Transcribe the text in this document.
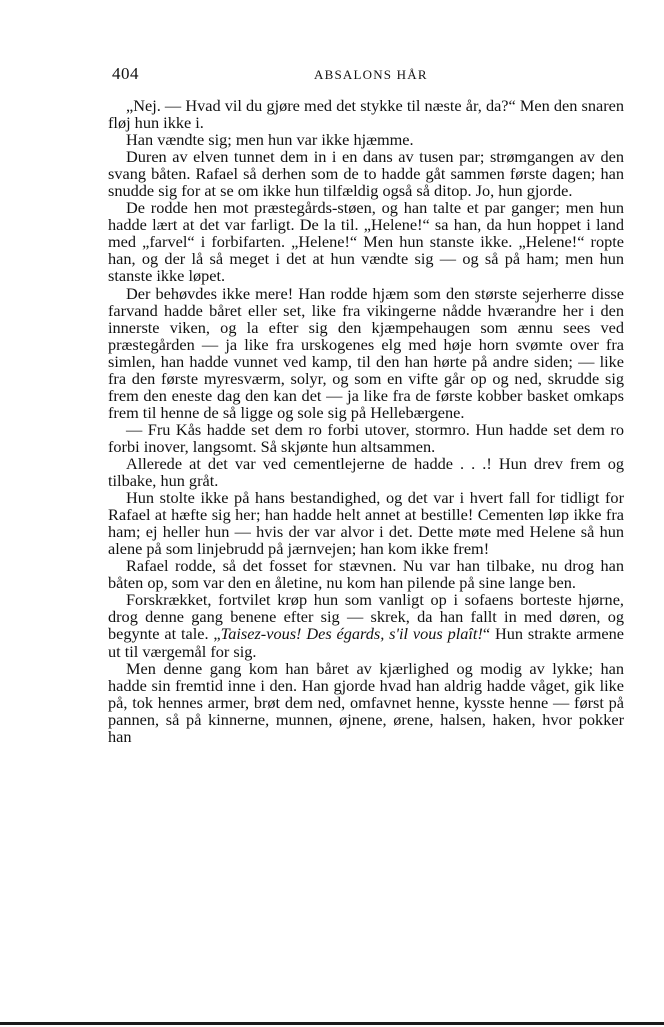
404	ABSALONS HÅR

„Nej. — Hvad vil du gjøre med det stykke til næste år, da?“ Men den snaren fløj hun ikke i.

Han vændte sig; men hun var ikke hjæmme.

Duren av elven tunnet dem in i en dans av tusen par; strømgangen av den svang båten. Rafael så derhen som de to hadde gåt sammen første dagen; han snudde sig for at se om ikke hun tilfældig også så ditop. Jo, hun gjorde.

De rodde hen mot præstegårds-støen, og han talte et par ganger; men hun hadde lært at det var farligt. De la til. „Helene!“ sa han, da hun hoppet i land med „farvel“ i forbifarten. „Helene!“ Men hun stanste ikke. „Helene!“ ropte han, og der lå så meget i det at hun vændte sig — og så på ham; men hun stanste ikke løpet.

Der behøvdes ikke mere! Han rodde hjæm som den største sejerherre disse farvand hadde båret eller set, like fra vikingerne nådde hværandre her i den innerste viken, og la efter sig den kjæmpehaugen som ænnu sees ved præstegården — ja like fra urskogenes elg med høje horn svømte over fra simlen, han hadde vunnet ved kamp, til den han hørte på andre siden; — like fra den første myresværm, solyr, og som en vifte går op og ned, skrudde sig frem den eneste dag den kan det — ja like fra de første kobber basket omkaps frem til henne de så ligge og sole sig på Hellebærgene.

— Fru Kås hadde set dem ro forbi utover, stormro. Hun hadde set dem ro forbi inover, langsomt. Så skjønte hun altsammen.

Allerede at det var ved cementlejerne de hadde . . .! Hun drev frem og tilbake, hun gråt.

Hun stolte ikke på hans bestandighed, og det var i hvert fall for tidligt for Rafael at hæfte sig her; han hadde helt annet at bestille! Cementen løp ikke fra ham; ej heller hun — hvis der var alvor i det. Dette møte med Helene så hun alene på som linjebrudd på jærnvejen; han kom ikke frem!

Rafael rodde, så det fosset for stævnen. Nu var han tilbake, nu drog han båten op, som var den en åletine, nu kom han pilende på sine lange ben.

Forskrækket, fortvilet krøp hun som vanligt op i sofaens bortestе hjørne, drog denne gang benene efter sig — skrek, da han fallt in med døren, og begynte at tale. „Taisez-vous! Des égards, s'il vous plaît!“ Hun strakte armene ut til værgemål for sig.

Men denne gang kom han båret av kjærlighed og modig av lykke; han hadde sin fremtid inne i den. Han gjorde hvad han aldrig hadde våget, gik like på, tok hennes armer, brøt dem ned, omfavnet henne, kysste henne — først på pannen, så på kinnerne, munnen, øjnene, ørene, halsen, haken, hvor pokker han
